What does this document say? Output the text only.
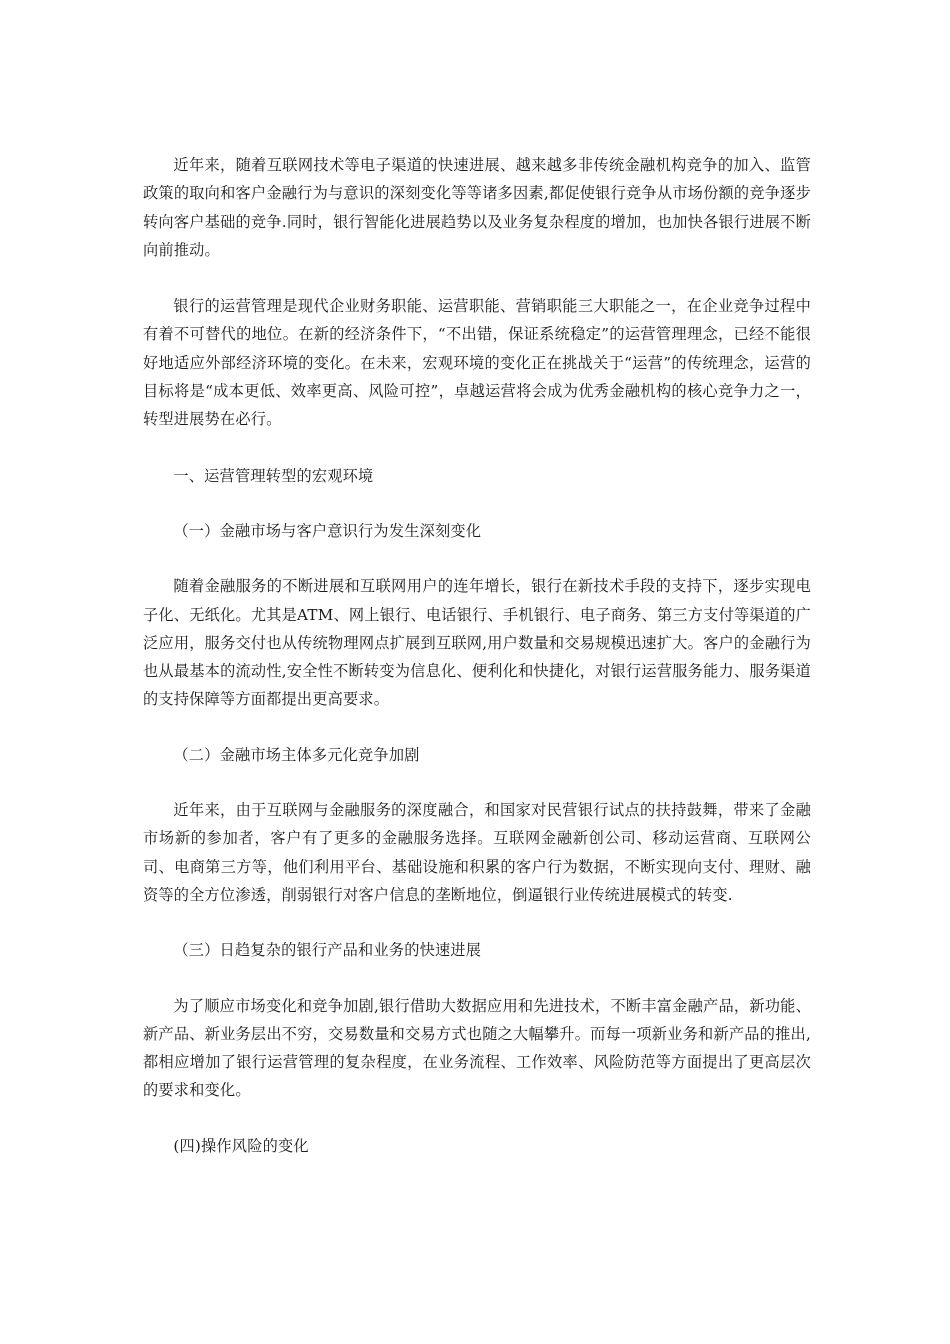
近年来，随着互联网技术等电子渠道的快速进展、越来越多非传统金融机构竞争的加入、监管政策的取向和客户金融行为与意识的深刻变化等等诸多因素,都促使银行竞争从市场份额的竞争逐步转向客户基础的竞争.同时，银行智能化进展趋势以及业务复杂程度的增加，也加快各银行进展不断向前推动。

银行的运营管理是现代企业财务职能、运营职能、营销职能三大职能之一，在企业竞争过程中有着不可替代的地位。在新的经济条件下，“不出错，保证系统稳定”的运营管理理念，已经不能很好地适应外部经济环境的变化。在未来，宏观环境的变化正在挑战关于“运营”的传统理念，运营的目标将是“成本更低、效率更高、风险可控”，卓越运营将会成为优秀金融机构的核心竞争力之一，转型进展势在必行。

一、运营管理转型的宏观环境

（一）金融市场与客户意识行为发生深刻变化

随着金融服务的不断进展和互联网用户的连年增长，银行在新技术手段的支持下，逐步实现电子化、无纸化。尤其是ATM、网上银行、电话银行、手机银行、电子商务、第三方支付等渠道的广泛应用，服务交付也从传统物理网点扩展到互联网,用户数量和交易规模迅速扩大。客户的金融行为也从最基本的流动性,安全性不断转变为信息化、便利化和快捷化，对银行运营服务能力、服务渠道的支持保障等方面都提出更高要求。

（二）金融市场主体多元化竞争加剧

近年来，由于互联网与金融服务的深度融合，和国家对民营银行试点的扶持鼓舞，带来了金融市场新的参加者，客户有了更多的金融服务选择。互联网金融新创公司、移动运营商、互联网公司、电商第三方等，他们利用平台、基础设施和积累的客户行为数据，不断实现向支付、理财、融资等的全方位渗透，削弱银行对客户信息的垄断地位，倒逼银行业传统进展模式的转变.

（三）日趋复杂的银行产品和业务的快速进展

为了顺应市场变化和竞争加剧,银行借助大数据应用和先进技术，不断丰富金融产品，新功能、新产品、新业务层出不穷，交易数量和交易方式也随之大幅攀升。而每一项新业务和新产品的推出,都相应增加了银行运营管理的复杂程度，在业务流程、工作效率、风险防范等方面提出了更高层次的要求和变化。

(四)操作风险的变化
